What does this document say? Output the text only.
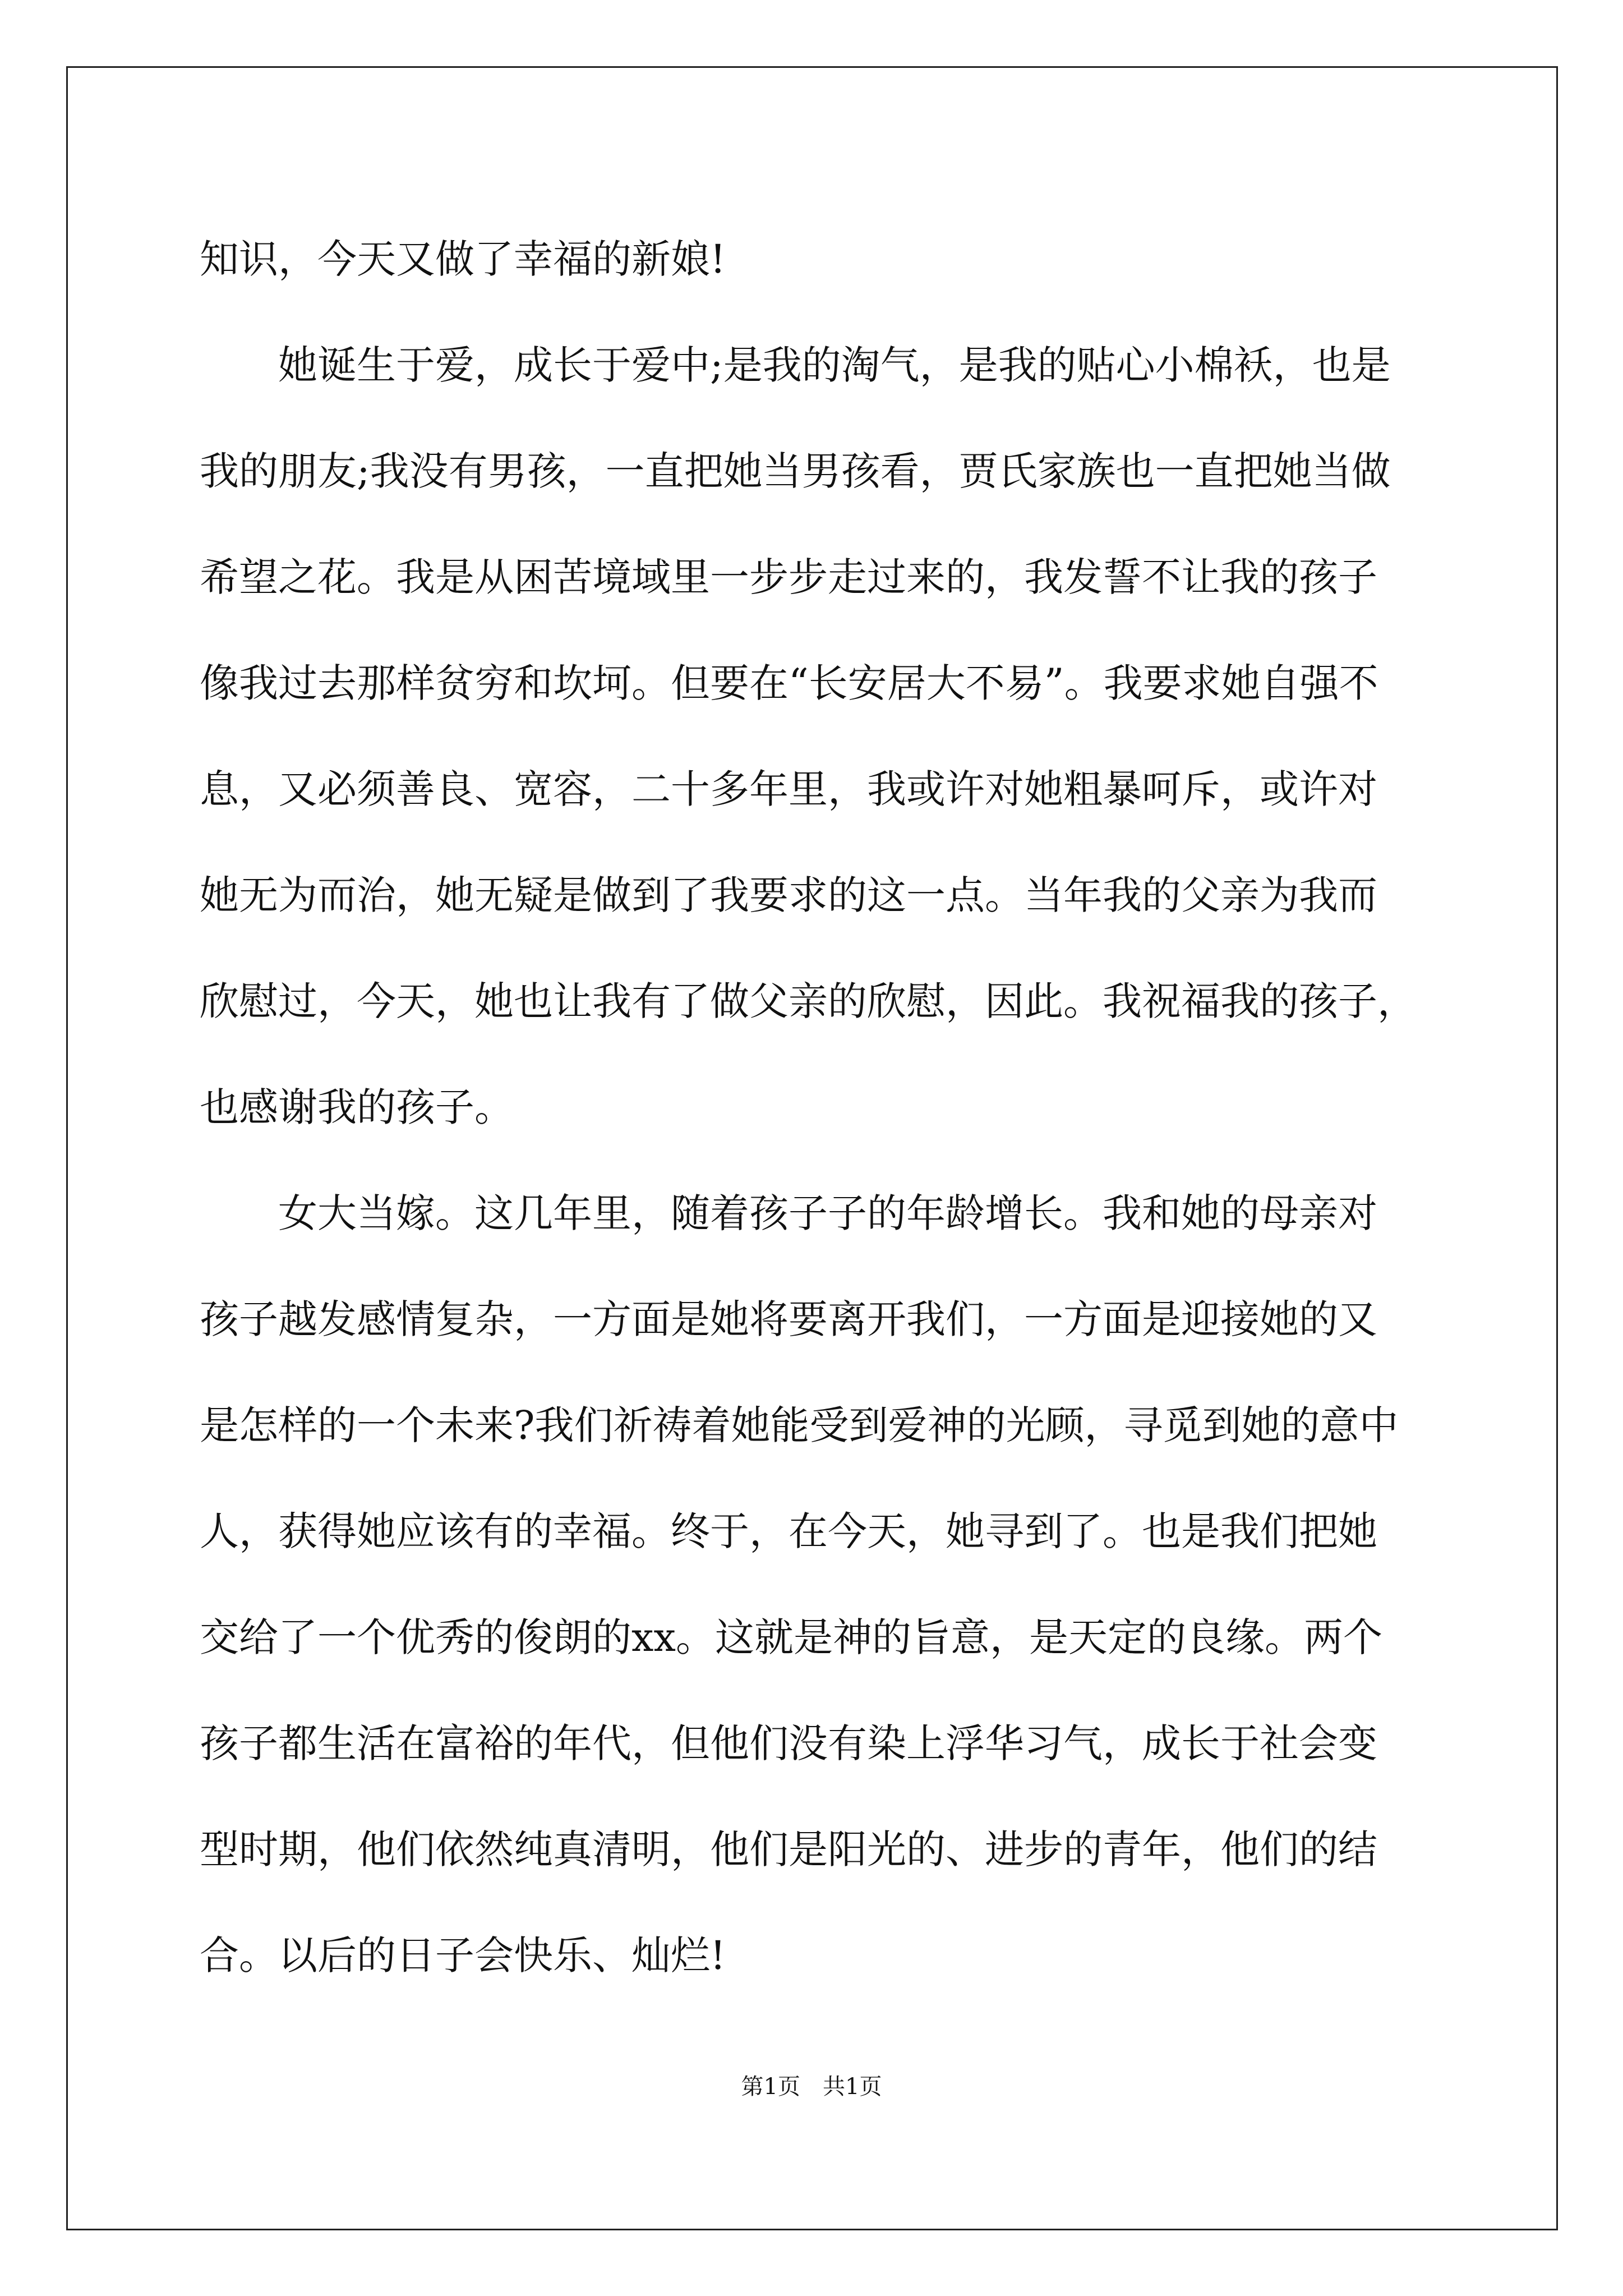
知识，今天又做了幸福的新娘!
她诞生于爱，成长于爱中;是我的淘气，是我的贴心小棉袄，也是
我的朋友;我没有男孩，一直把她当男孩看，贾氏家族也一直把她当做
希望之花。我是从困苦境域里一步步走过来的，我发誓不让我的孩子
像我过去那样贫穷和坎坷。但要在“长安居大不易”。我要求她自强不
息，又必须善良、宽容，二十多年里，我或许对她粗暴呵斥，或许对
她无为而治，她无疑是做到了我要求的这一点。当年我的父亲为我而
欣慰过，今天，她也让我有了做父亲的欣慰，因此。我祝福我的孩子，
也感谢我的孩子。
女大当嫁。这几年里，随着孩子子的年龄增长。我和她的母亲对
孩子越发感情复杂，一方面是她将要离开我们，一方面是迎接她的又
是怎样的一个未来?我们祈祷着她能受到爱神的光顾，寻觅到她的意中
人，获得她应该有的幸福。终于，在今天，她寻到了。也是我们把她
交给了一个优秀的俊朗的xx。这就是神的旨意，是天定的良缘。两个
孩子都生活在富裕的年代，但他们没有染上浮华习气，成长于社会变
型时期，他们依然纯真清明，他们是阳光的、进步的青年，他们的结
合。以后的日子会快乐、灿烂!
第1页　共1页
